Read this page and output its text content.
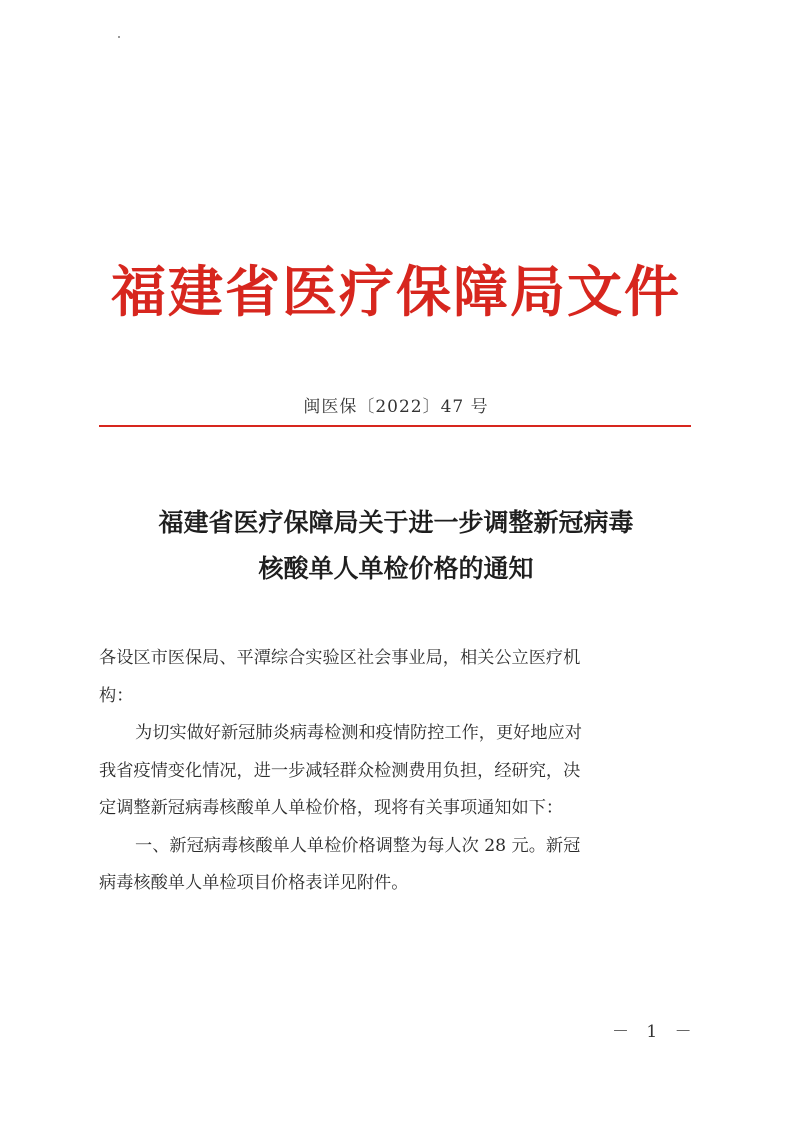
福建省医疗保障局文件
闽医保〔2022〕47 号
福建省医疗保障局关于进一步调整新冠病毒
核酸单人单检价格的通知

各设区市医保局、平潭综合实验区社会事业局，相关公立医疗机

构：

为切实做好新冠肺炎病毒检测和疫情防控工作，更好地应对

我省疫情变化情况，进一步减轻群众检测费用负担，经研究，决

定调整新冠病毒核酸单人单检价格，现将有关事项通知如下：

一、新冠病毒核酸单人单检价格调整为每人次 28 元。新冠

病毒核酸单人单检项目价格表详见附件。

－ 1 －
